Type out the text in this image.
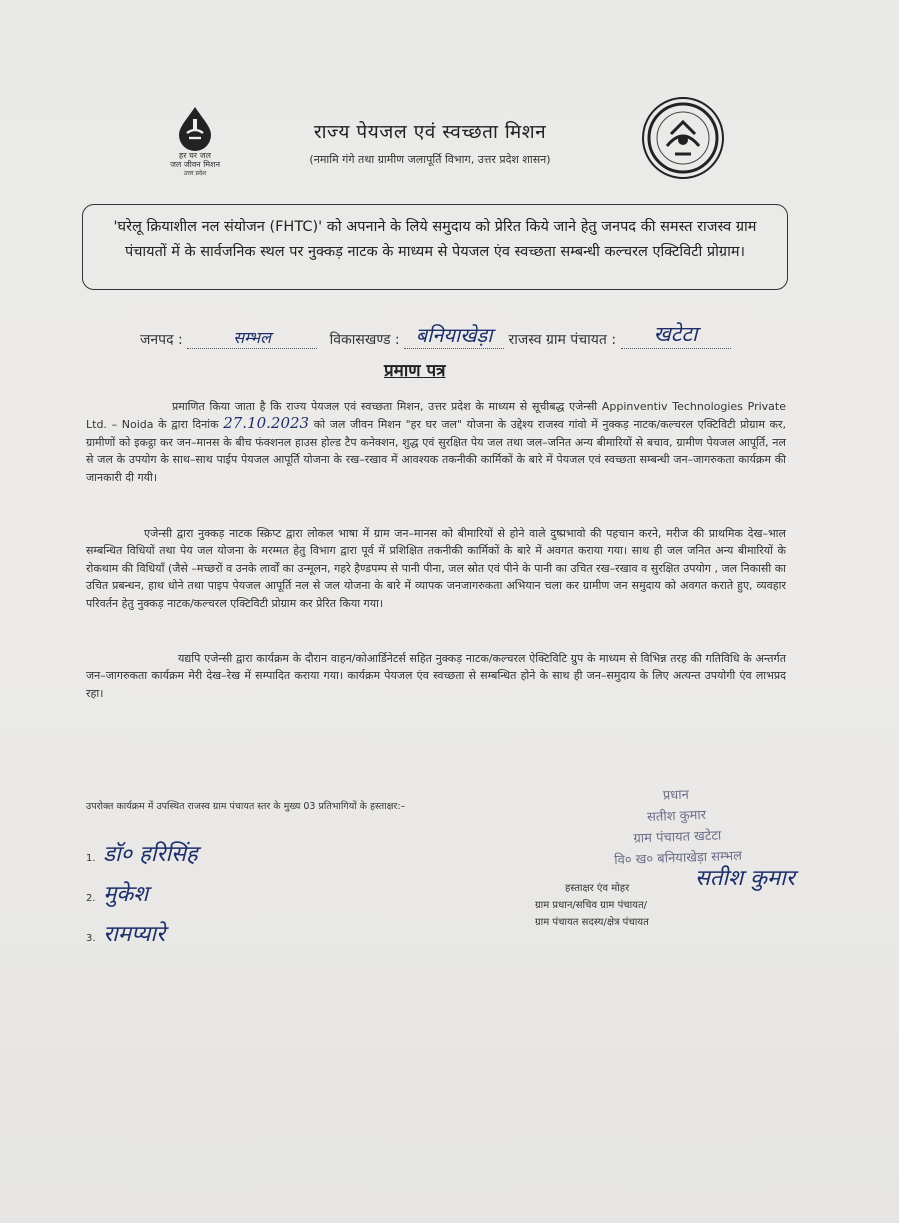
हर घर जल
जल जीवन मिशन
उत्तर प्रदेश
राज्य पेयजल एवं स्वच्छता मिशन
(नमामि गंगे तथा ग्रामीण जलापूर्ति विभाग, उत्तर प्रदेश शासन)
'घरेलू क्रियाशील नल संयोजन (FHTC)' को अपनाने के लिये समुदाय को प्रेरित किये जाने हेतु जनपद की समस्त राजस्व ग्राम पंचायतों में के सार्वजनिक स्थल पर नुक्कड़ नाटक के माध्यम से पेयजल एंव स्वच्छता सम्बन्धी कल्चरल एक्टिविटी प्रोग्राम।
जनपद :	सम्भल	विकासखण्ड : बनियाखेड़ा राजस्व ग्राम पंचायत : खटेटा
प्रमाण पत्र
प्रमाणित किया जाता है कि राज्य पेयजल एवं स्वच्छता मिशन, उत्तर प्रदेश के माध्यम से सूचीबद्ध एजेन्सी Appinventiv Technologies Private Ltd. – Noida के द्वारा दिनांक 27.10.2023 को जल जीवन मिशन "हर घर जल" योजना के उद्देश्य राजस्व गांवो में नुक्कड़ नाटक/कल्चरल एक्टिविटी प्रोग्राम कर, ग्रामीणों को इकट्ठा कर जन–मानस के बीच फंक्शनल हाउस होल्ड टैप कनेक्शन, शुद्ध एवं सुरक्षित पेय जल तथा जल–जनित अन्य बीमारियों से बचाव, ग्रामीण पेयजल आपूर्ति, नल से जल के उपयोग के साथ–साथ पाईप पेयजल आपूर्ति योजना के रख–रखाव में आवश्यक तकनीकी कार्मिकों के बारे में पेयजल एवं स्वच्छता सम्बन्धी जन–जागरुकता कार्यक्रम की जानकारी दी गयी।
एजेन्सी द्वारा नुक्कड़ नाटक स्क्रिप्ट द्वारा लोकल भाषा में ग्राम जन–मानस को बीमारियों से होने वाले दुष्प्रभावो की पहचान करने, मरीज की प्राथमिक देख–भाल सम्बन्धित विधियों तथा पेय जल योजना के मरम्मत हेतु विभाग द्वारा पूर्व में प्रशिक्षित तकनीकी कार्मिकों के बारे में अवगत कराया गया। साथ ही जल जनित अन्य बीमारियों के रोकथाम की विधियाँ (जैसे –मच्छरों व उनके लार्वों का उन्मूलन, गहरे हैण्डपम्प से पानी पीना, जल स्रोत एवं पीने के पानी का उचित रख–रखाव व सुरक्षित उपयोग , जल निकासी का उचित प्रबन्धन, हाथ धोने तथा पाइप पेयजल आपूर्ति नल से जल योजना के बारे में व्यापक जनजागरुकता अभियान चला कर ग्रामीण जन समुदाय को अवगत कराते हुए, व्यवहार परिवर्तन हेतु नुक्कड़ नाटक/कल्चरल एक्टिविटी प्रोग्राम कर प्रेरित किया गया।
यद्यपि एजेन्सी द्वारा कार्यक्रम के दौरान वाहन/कोआर्डिनेटर्स सहित नुक्कड़ नाटक/कल्चरल ऐक्टिविटि ग्रुप के माध्यम से विभिन्न तरह की गतिविधि के अन्तर्गत जन–जागरुकता कार्यक्रम मेरी देख–रेख में सम्पादित कराया गया। कार्यक्रम पेयजल एंव स्वच्छता से सम्बन्धित होने के साथ ही जन–समुदाय के लिए अत्यन्त उपयोगी एंव लाभप्रद रहा।
उपरोक्त कार्यक्रम में उपस्थित राजस्व ग्राम पंचायत स्तर के मुख्य 03 प्रतिभागियों के हस्ताक्षर:–
1. डॉ० हरिसिंह
2. मुकेश
3. रामप्यारे
प्रधान
सतीश कुमार
ग्राम पंचायत खटेटा
वि० ख० बनियाखेड़ा सम्भल
हस्ताक्षर एंव मोहर	सतीश कुमार
ग्राम प्रधान/सचिव ग्राम पंचायत/
ग्राम पंचायत सदस्य/क्षेत्र पंचायत
